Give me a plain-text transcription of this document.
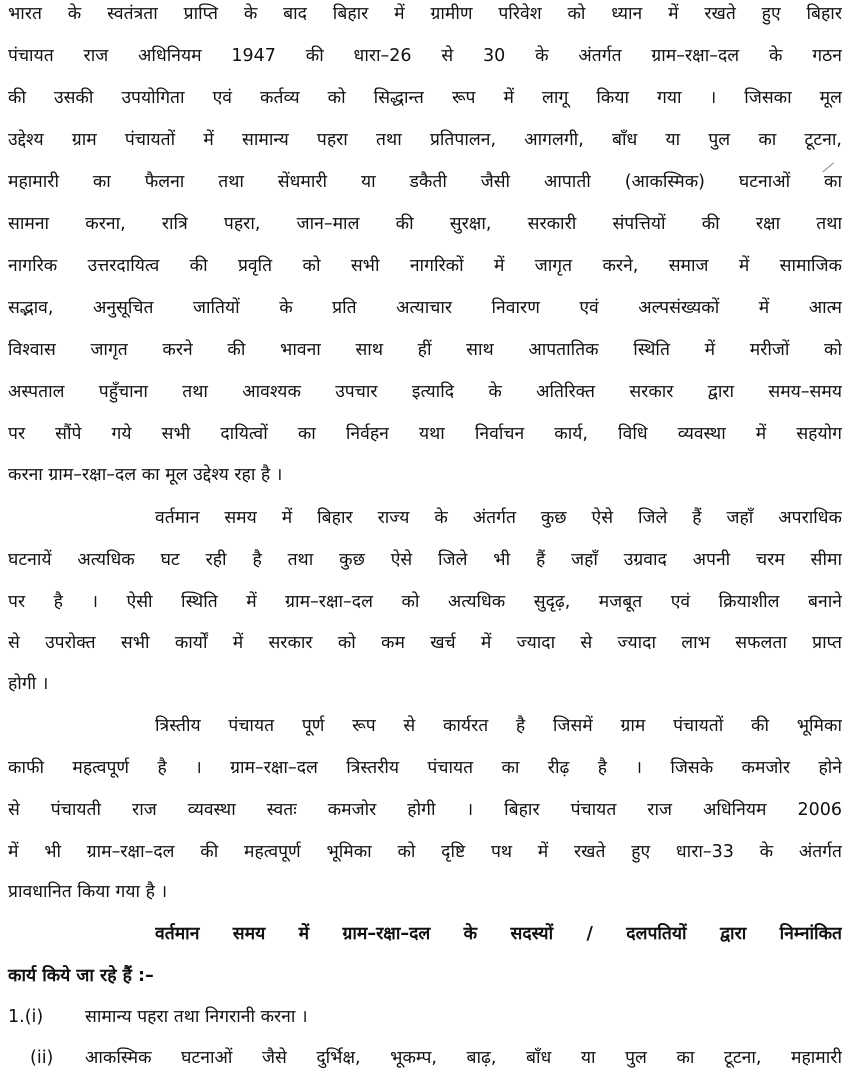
भारत के स्वतंत्रता प्राप्ति के बाद बिहार में ग्रामीण परिवेश को ध्यान में रखते हुए बिहार
पंचायत राज अधिनियम 1947 की धारा–26 से 30 के अंतर्गत ग्राम–रक्षा–दल के गठन
की उसकी उपयोगिता एवं कर्तव्य को सिद्धान्त रूप में लागू किया गया । जिसका मूल
उद्देश्य ग्राम पंचायतों में सामान्य पहरा तथा प्रतिपालन, आगलगी, बाँध या पुल का टूटना,
महामारी का फैलना तथा सेंधमारी या डकैती जैसी आपाती (आकस्मिक) घटनाओं का
सामना करना, रात्रि पहरा, जान–माल की सुरक्षा, सरकारी संपत्तियों की रक्षा तथा
नागरिक उत्तरदायित्व की प्रवृति को सभी नागरिकों में जागृत करने, समाज में सामाजिक
सद्भाव, अनुसूचित जातियों के प्रति अत्याचार निवारण एवं अल्पसंख्यकों में आत्म
विश्वास जागृत करने की भावना साथ हीं साथ आपतातिक स्थिति में मरीजों को
अस्पताल पहुँचाना तथा आवश्यक उपचार इत्यादि के अतिरिक्त सरकार द्वारा समय–समय
पर सौंपे गये सभी दायित्वों का निर्वहन यथा निर्वाचन कार्य, विधि व्यवस्था में सहयोग
करना ग्राम–रक्षा–दल का मूल उद्देश्य रहा है ।
वर्तमान समय में बिहार राज्य के अंतर्गत कुछ ऐसे जिले हैं जहाँ अपराधिक
घटनायें अत्यधिक घट रही है तथा कुछ ऐसे जिले भी हैं जहाँ उग्रवाद अपनी चरम सीमा
पर है । ऐसी स्थिति में ग्राम–रक्षा–दल को अत्यधिक सुदृढ़, मजबूत एवं क्रियाशील बनाने
से उपरोक्त सभी कार्यों में सरकार को कम खर्च में ज्यादा से ज्यादा लाभ सफलता प्राप्त
होगी ।
त्रिस्तीय पंचायत पूर्ण रूप से कार्यरत है जिसमें ग्राम पंचायतों की भूमिका
काफी महत्वपूर्ण है । ग्राम–रक्षा–दल त्रिस्तरीय पंचायत का रीढ़ है । जिसके कमजोर होने
से पंचायती राज व्यवस्था स्वतः कमजोर होगी । बिहार पंचायत राज अधिनियम 2006
में भी ग्राम–रक्षा–दल की महत्वपूर्ण भूमिका को दृष्टि पथ में रखते हुए धारा–33 के अंतर्गत
प्रावधानित किया गया है ।
वर्तमान समय में ग्राम–रक्षा–दल के सदस्यों / दलपतियों द्वारा निम्नांकित
कार्य किये जा रहे हैं :–
1.(i) सामान्य पहरा तथा निगरानी करना ।
(ii) आकस्मिक घटनाओं जैसे दुर्भिक्ष, भूकम्प, बाढ़, बाँध या पुल का टूटना, महामारी
